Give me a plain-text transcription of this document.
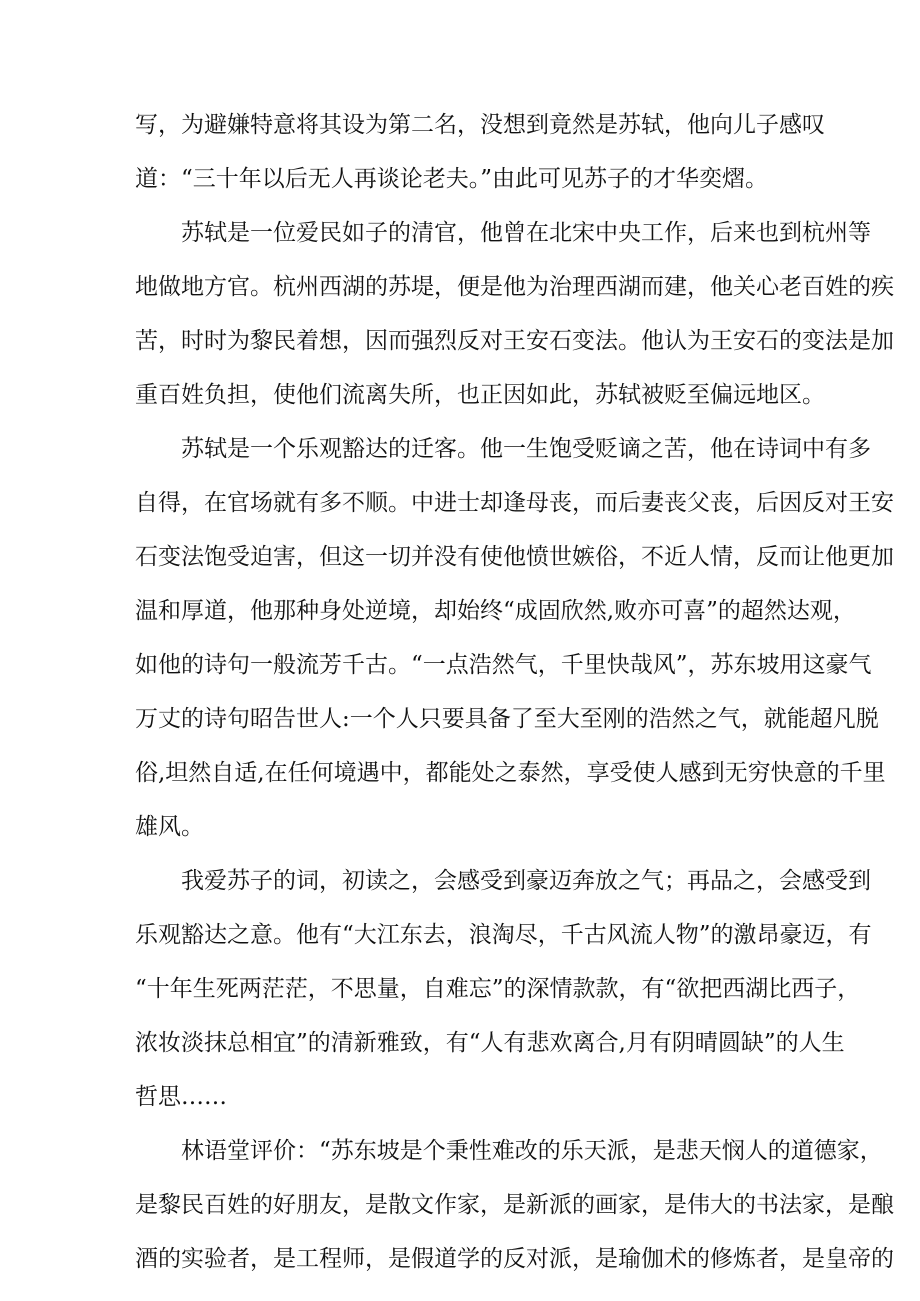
写，为避嫌特意将其设为第二名，没想到竟然是苏轼，他向儿子感叹

道：“三十年以后无人再谈论老夫。”由此可见苏子的才华奕熠。

　　苏轼是一位爱民如子的清官，他曾在北宋中央工作，后来也到杭州等

地做地方官。杭州西湖的苏堤，便是他为治理西湖而建，他关心老百姓的疾

苦，时时为黎民着想，因而强烈反对王安石变法。他认为王安石的变法是加

重百姓负担，使他们流离失所，也正因如此，苏轼被贬至偏远地区。

　　苏轼是一个乐观豁达的迁客。他一生饱受贬谪之苦，他在诗词中有多

自得，在官场就有多不顺。中进士却逢母丧，而后妻丧父丧，后因反对王安

石变法饱受迫害，但这一切并没有使他愤世嫉俗，不近人情，反而让他更加

温和厚道，他那种身处逆境，却始终“成固欣然,败亦可喜”的超然达观，

如他的诗句一般流芳千古。“一点浩然气，千里快哉风”，苏东坡用这豪气

万丈的诗句昭告世人:一个人只要具备了至大至刚的浩然之气，就能超凡脱

俗,坦然自适,在任何境遇中，都能处之泰然，享受使人感到无穷快意的千里

雄风。

　　我爱苏子的词，初读之，会感受到豪迈奔放之气；再品之，会感受到

乐观豁达之意。他有“大江东去，浪淘尽，千古风流人物”的激昂豪迈，有

“十年生死两茫茫，不思量，自难忘”的深情款款，有“欲把西湖比西子，

浓妆淡抹总相宜”的清新雅致，有“人有悲欢离合,月有阴晴圆缺”的人生

哲思……

　　林语堂评价：“苏东坡是个秉性难改的乐天派，是悲天悯人的道德家，

是黎民百姓的好朋友，是散文作家，是新派的画家，是伟大的书法家，是酿

酒的实验者，是工程师，是假道学的反对派，是瑜伽术的修炼者，是皇帝的
